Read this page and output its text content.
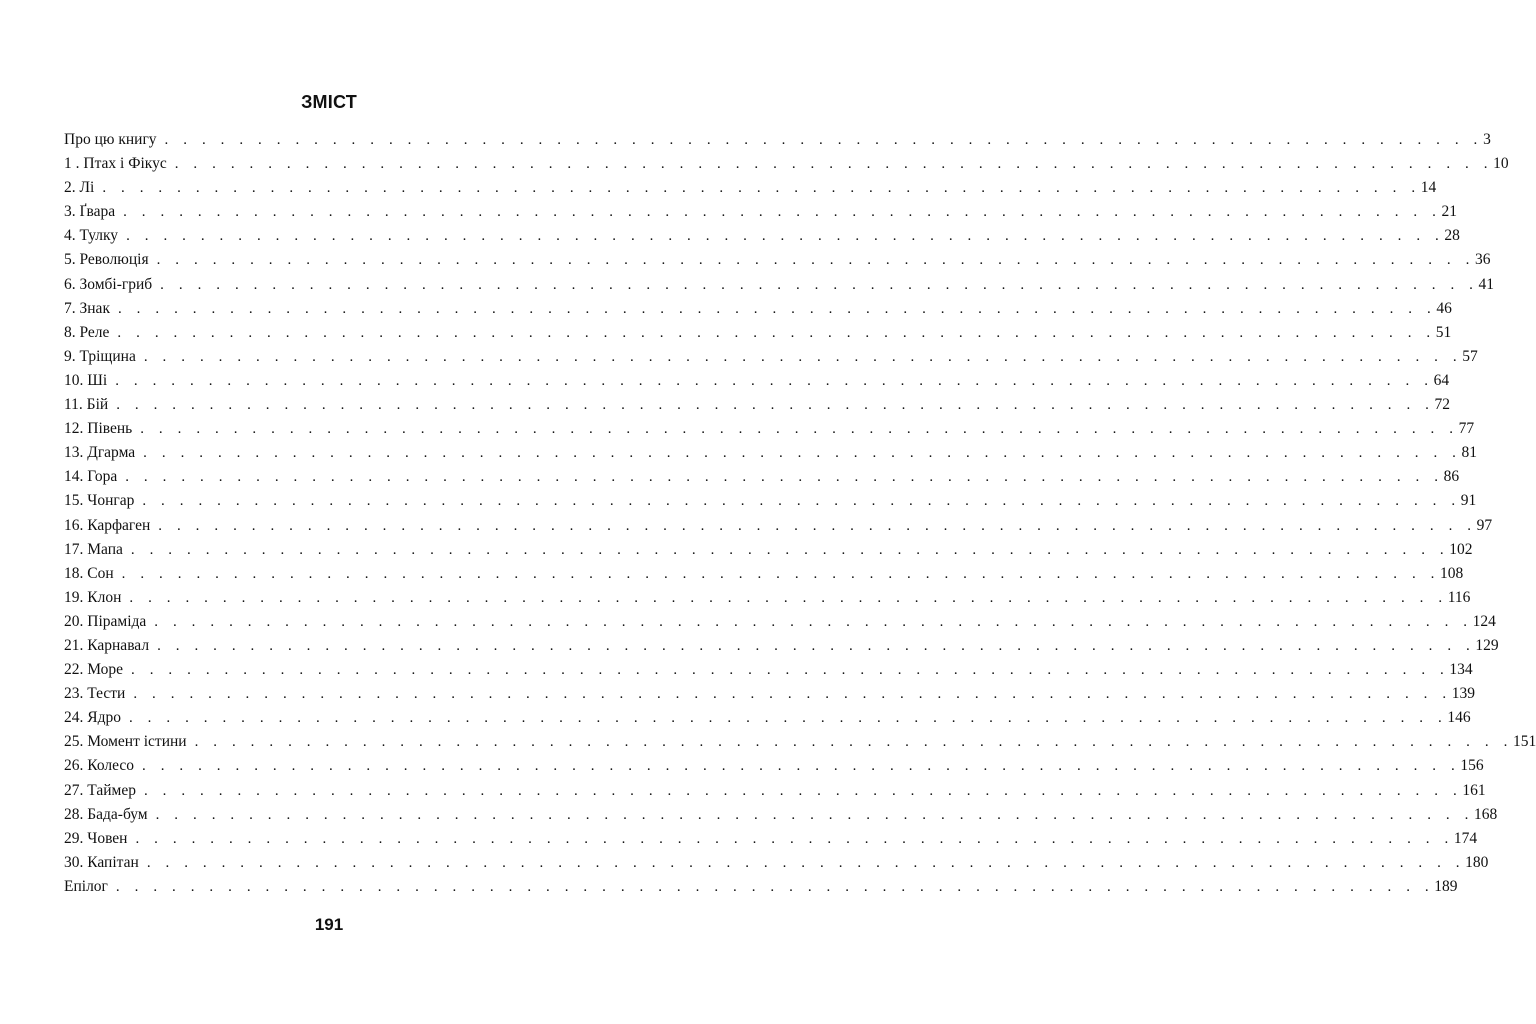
ЗМІСТ
Про цю книгу . . . . . . . . . . . . . . . . . . . . . . . . . . . . . . . . . . . . . . . . . . . . . . . . . . . . . . . . . . . . . . . . . . . . . . . 3
1 . Птах і Фікус . . . . . . . . . . . . . . . . . . . . . . . . . . . . . . . . . . . . . . . . . . . . . . . . . . . . . . . . . . . . . . . . . . . . . . . 10
2. Лі . . . . . . . . . . . . . . . . . . . . . . . . . . . . . . . . . . . . . . . . . . . . . . . . . . . . . . . . . . . . . . . . . . . . . . . 14
3. Ґвара . . . . . . . . . . . . . . . . . . . . . . . . . . . . . . . . . . . . . . . . . . . . . . . . . . . . . . . . . . . . . . . . . . . . . . . 21
4. Тулку . . . . . . . . . . . . . . . . . . . . . . . . . . . . . . . . . . . . . . . . . . . . . . . . . . . . . . . . . . . . . . . . . . . . . . . 28
5. Революція . . . . . . . . . . . . . . . . . . . . . . . . . . . . . . . . . . . . . . . . . . . . . . . . . . . . . . . . . . . . . . . . . . . . . . . 36
6. Зомбі-гриб . . . . . . . . . . . . . . . . . . . . . . . . . . . . . . . . . . . . . . . . . . . . . . . . . . . . . . . . . . . . . . . . . . . . . . . 41
7. Знак . . . . . . . . . . . . . . . . . . . . . . . . . . . . . . . . . . . . . . . . . . . . . . . . . . . . . . . . . . . . . . . . . . . . . . . 46
8. Реле . . . . . . . . . . . . . . . . . . . . . . . . . . . . . . . . . . . . . . . . . . . . . . . . . . . . . . . . . . . . . . . . . . . . . . . 51
9. Тріщина . . . . . . . . . . . . . . . . . . . . . . . . . . . . . . . . . . . . . . . . . . . . . . . . . . . . . . . . . . . . . . . . . . . . . . . 57
10. Ші . . . . . . . . . . . . . . . . . . . . . . . . . . . . . . . . . . . . . . . . . . . . . . . . . . . . . . . . . . . . . . . . . . . . . . . 64
11. Бій . . . . . . . . . . . . . . . . . . . . . . . . . . . . . . . . . . . . . . . . . . . . . . . . . . . . . . . . . . . . . . . . . . . . . . . 72
12. Півень . . . . . . . . . . . . . . . . . . . . . . . . . . . . . . . . . . . . . . . . . . . . . . . . . . . . . . . . . . . . . . . . . . . . . . . 77
13. Дгарма . . . . . . . . . . . . . . . . . . . . . . . . . . . . . . . . . . . . . . . . . . . . . . . . . . . . . . . . . . . . . . . . . . . . . . . 81
14. Гора . . . . . . . . . . . . . . . . . . . . . . . . . . . . . . . . . . . . . . . . . . . . . . . . . . . . . . . . . . . . . . . . . . . . . . . 86
15. Чонгар . . . . . . . . . . . . . . . . . . . . . . . . . . . . . . . . . . . . . . . . . . . . . . . . . . . . . . . . . . . . . . . . . . . . . . . 91
16. Карфаген . . . . . . . . . . . . . . . . . . . . . . . . . . . . . . . . . . . . . . . . . . . . . . . . . . . . . . . . . . . . . . . . . . . . . . . 97
17. Мапа . . . . . . . . . . . . . . . . . . . . . . . . . . . . . . . . . . . . . . . . . . . . . . . . . . . . . . . . . . . . . . . . . . . . . . . 102
18. Сон . . . . . . . . . . . . . . . . . . . . . . . . . . . . . . . . . . . . . . . . . . . . . . . . . . . . . . . . . . . . . . . . . . . . . . . 108
19. Клон . . . . . . . . . . . . . . . . . . . . . . . . . . . . . . . . . . . . . . . . . . . . . . . . . . . . . . . . . . . . . . . . . . . . . . . 116
20. Піраміда . . . . . . . . . . . . . . . . . . . . . . . . . . . . . . . . . . . . . . . . . . . . . . . . . . . . . . . . . . . . . . . . . . . . . . . 124
21. Карнавал . . . . . . . . . . . . . . . . . . . . . . . . . . . . . . . . . . . . . . . . . . . . . . . . . . . . . . . . . . . . . . . . . . . . . . . 129
22. Море . . . . . . . . . . . . . . . . . . . . . . . . . . . . . . . . . . . . . . . . . . . . . . . . . . . . . . . . . . . . . . . . . . . . . . . 134
23. Тести . . . . . . . . . . . . . . . . . . . . . . . . . . . . . . . . . . . . . . . . . . . . . . . . . . . . . . . . . . . . . . . . . . . . . . . 139
24. Ядро . . . . . . . . . . . . . . . . . . . . . . . . . . . . . . . . . . . . . . . . . . . . . . . . . . . . . . . . . . . . . . . . . . . . . . . 146
25. Момент істини . . . . . . . . . . . . . . . . . . . . . . . . . . . . . . . . . . . . . . . . . . . . . . . . . . . . . . . . . . . . . . . . . . . . . . . 151
26. Колесо . . . . . . . . . . . . . . . . . . . . . . . . . . . . . . . . . . . . . . . . . . . . . . . . . . . . . . . . . . . . . . . . . . . . . . . 156
27. Таймер . . . . . . . . . . . . . . . . . . . . . . . . . . . . . . . . . . . . . . . . . . . . . . . . . . . . . . . . . . . . . . . . . . . . . . . 161
28. Бада-бум . . . . . . . . . . . . . . . . . . . . . . . . . . . . . . . . . . . . . . . . . . . . . . . . . . . . . . . . . . . . . . . . . . . . . . . 168
29. Човен . . . . . . . . . . . . . . . . . . . . . . . . . . . . . . . . . . . . . . . . . . . . . . . . . . . . . . . . . . . . . . . . . . . . . . . 174
30. Капітан . . . . . . . . . . . . . . . . . . . . . . . . . . . . . . . . . . . . . . . . . . . . . . . . . . . . . . . . . . . . . . . . . . . . . . . 180
Епілог . . . . . . . . . . . . . . . . . . . . . . . . . . . . . . . . . . . . . . . . . . . . . . . . . . . . . . . . . . . . . . . . . . . . . . . 189
191
